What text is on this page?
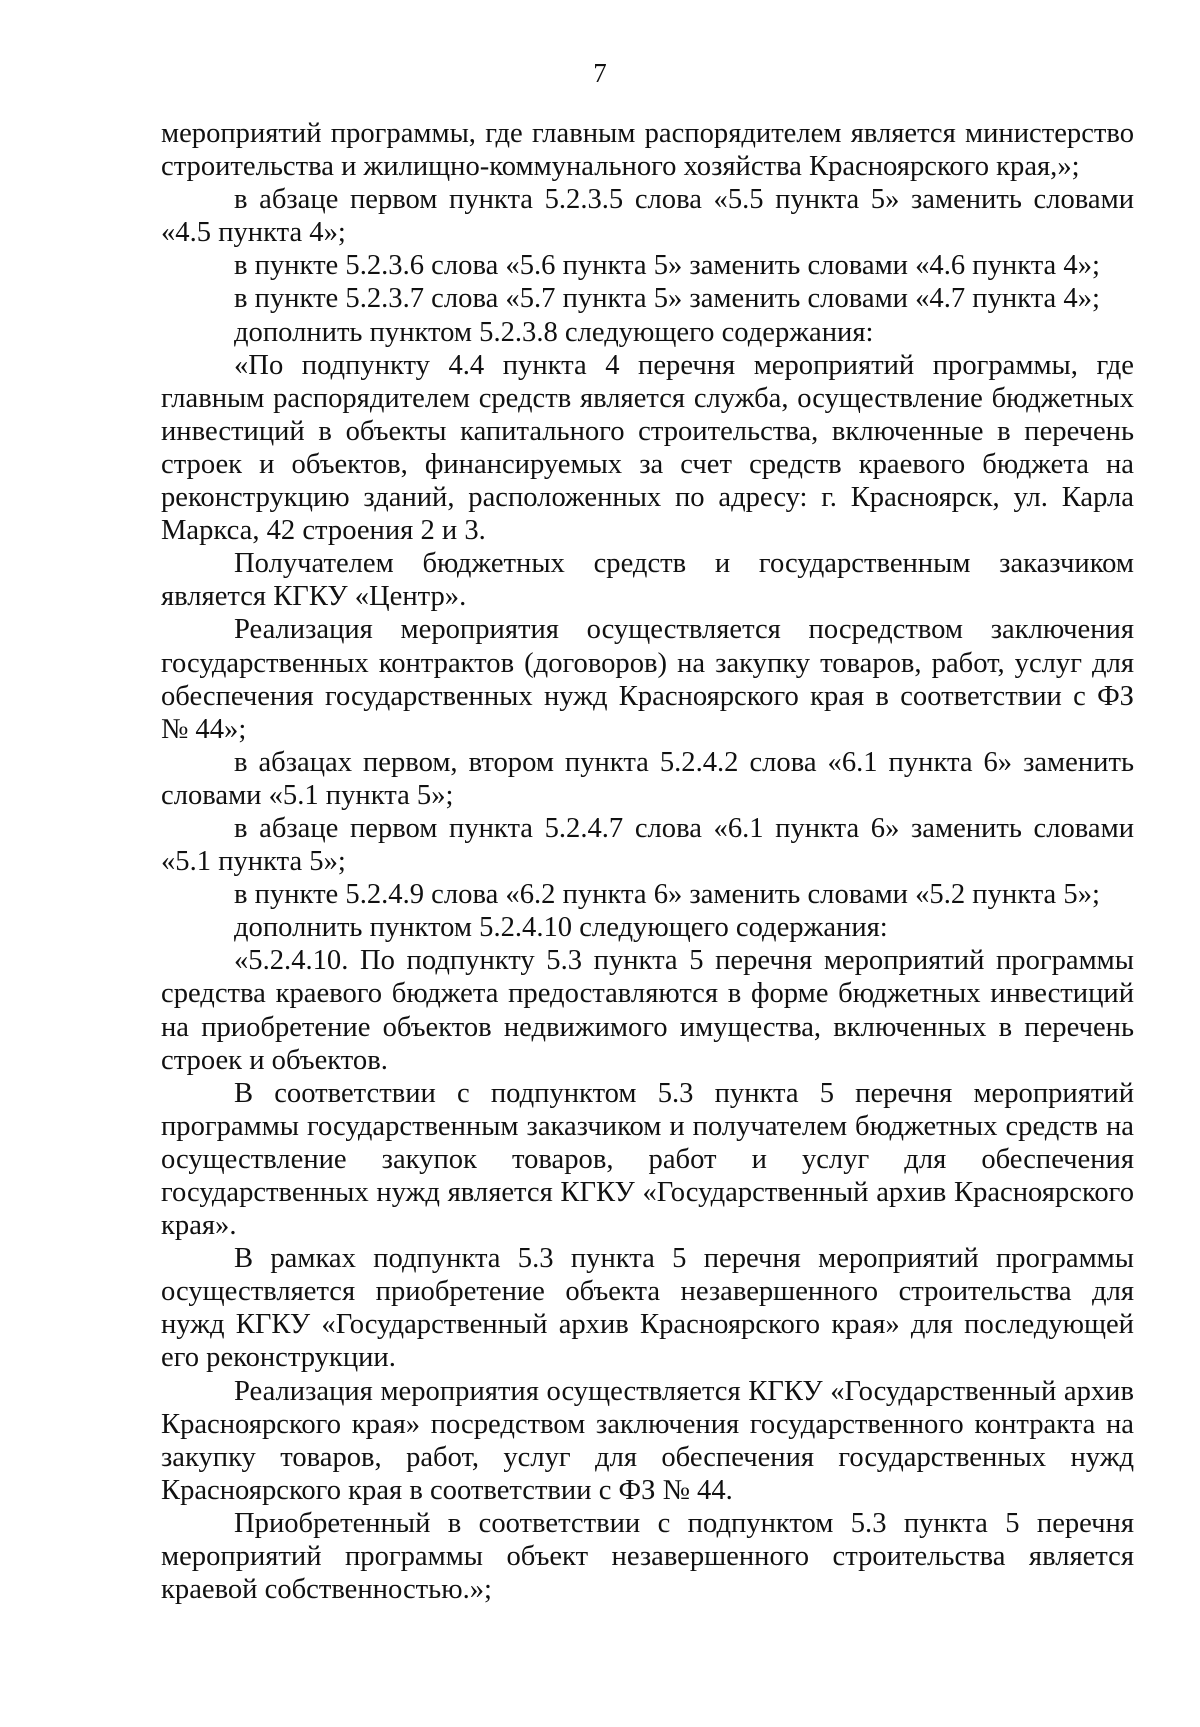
7

мероприятий программы, где главным распорядителем является министерство строительства и жилищно-коммунального хозяйства Красноярского края,»;

в абзаце первом пункта 5.2.3.5 слова «5.5 пункта 5» заменить словами «4.5 пункта 4»;

в пункте 5.2.3.6 слова «5.6 пункта 5» заменить словами «4.6 пункта 4»;

в пункте 5.2.3.7 слова «5.7 пункта 5» заменить словами «4.7 пункта 4»;

дополнить пунктом 5.2.3.8 следующего содержания:

«По подпункту 4.4 пункта 4 перечня мероприятий программы, где главным распорядителем средств является служба, осуществление бюджетных инвестиций в объекты капитального строительства, включенные в перечень строек и объектов, финансируемых за счет средств краевого бюджета на реконструкцию зданий, расположенных по адресу: г. Красноярск, ул. Карла Маркса, 42 строения 2 и 3.

Получателем бюджетных средств и государственным заказчиком является КГКУ «Центр».

Реализация мероприятия осуществляется посредством заключения государственных контрактов (договоров) на закупку товаров, работ, услуг для обеспечения государственных нужд Красноярского края в соответствии с ФЗ № 44»;

в абзацах первом, втором пункта 5.2.4.2 слова «6.1 пункта 6» заменить словами «5.1 пункта 5»;

в абзаце первом пункта 5.2.4.7 слова «6.1 пункта 6» заменить словами «5.1 пункта 5»;

в пункте 5.2.4.9 слова «6.2 пункта 6» заменить словами «5.2 пункта 5»;

дополнить пунктом 5.2.4.10 следующего содержания:

«5.2.4.10. По подпункту 5.3 пункта 5 перечня мероприятий программы средства краевого бюджета предоставляются в форме бюджетных инвестиций на приобретение объектов недвижимого имущества, включенных в перечень строек и объектов.

В соответствии с подпунктом 5.3 пункта 5 перечня мероприятий программы государственным заказчиком и получателем бюджетных средств на осуществление закупок товаров, работ и услуг для обеспечения государственных нужд является КГКУ «Государственный архив Красноярского края».

В рамках подпункта 5.3 пункта 5 перечня мероприятий программы осуществляется приобретение объекта незавершенного строительства для нужд КГКУ «Государственный архив Красноярского края» для последующей его реконструкции.

Реализация мероприятия осуществляется КГКУ «Государственный архив Красноярского края» посредством заключения государственного контракта на закупку товаров, работ, услуг для обеспечения государственных нужд Красноярского края в соответствии с ФЗ № 44.

Приобретенный в соответствии с подпунктом 5.3 пункта 5 перечня мероприятий программы объект незавершенного строительства является краевой собственностью.»;
